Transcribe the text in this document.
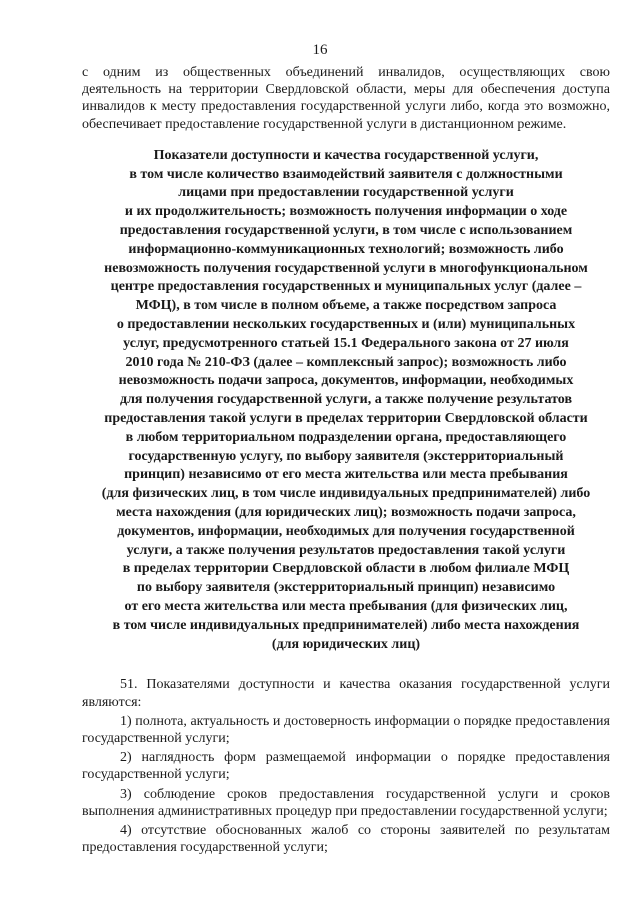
16

с одним из общественных объединений инвалидов, осуществляющих свою деятельность на территории Свердловской области, меры для обеспечения доступа инвалидов к месту предоставления государственной услуги либо, когда это возможно, обеспечивает предоставление государственной услуги в дистанционном режиме.

Показатели доступности и качества государственной услуги,
в том числе количество взаимодействий заявителя с должностными
лицами при предоставлении государственной услуги
и их продолжительность; возможность получения информации о ходе
предоставления государственной услуги, в том числе с использованием
информационно-коммуникационных технологий; возможность либо
невозможность получения государственной услуги в многофункциональном
центре предоставления государственных и муниципальных услуг (далее –
МФЦ), в том числе в полном объеме, а также посредством запроса
о предоставлении нескольких государственных и (или) муниципальных
услуг, предусмотренного статьей 15.1 Федерального закона от 27 июля
2010 года № 210-ФЗ (далее – комплексный запрос); возможность либо
невозможность подачи запроса, документов, информации, необходимых
для получения государственной услуги, а также получение результатов
предоставления такой услуги в пределах территории Свердловской области
в любом территориальном подразделении органа, предоставляющего
государственную услугу, по выбору заявителя (экстерриториальный
принцип) независимо от его места жительства или места пребывания
(для физических лиц, в том числе индивидуальных предпринимателей) либо
места нахождения (для юридических лиц); возможность подачи запроса,
документов, информации, необходимых для получения государственной
услуги, а также получения результатов предоставления такой услуги
в пределах территории Свердловской области в любом филиале МФЦ
по выбору заявителя (экстерриториальный принцип) независимо
от его места жительства или места пребывания (для физических лиц,
в том числе индивидуальных предпринимателей) либо места нахождения
(для юридических лиц)

51. Показателями доступности и качества оказания государственной услуги являются:

1) полнота, актуальность и достоверность информации о порядке предоставления государственной услуги;

2) наглядность форм размещаемой информации о порядке предоставления государственной услуги;

3) соблюдение сроков предоставления государственной услуги и сроков выполнения административных процедур при предоставлении государственной услуги;

4) отсутствие обоснованных жалоб со стороны заявителей по результатам предоставления государственной услуги;
